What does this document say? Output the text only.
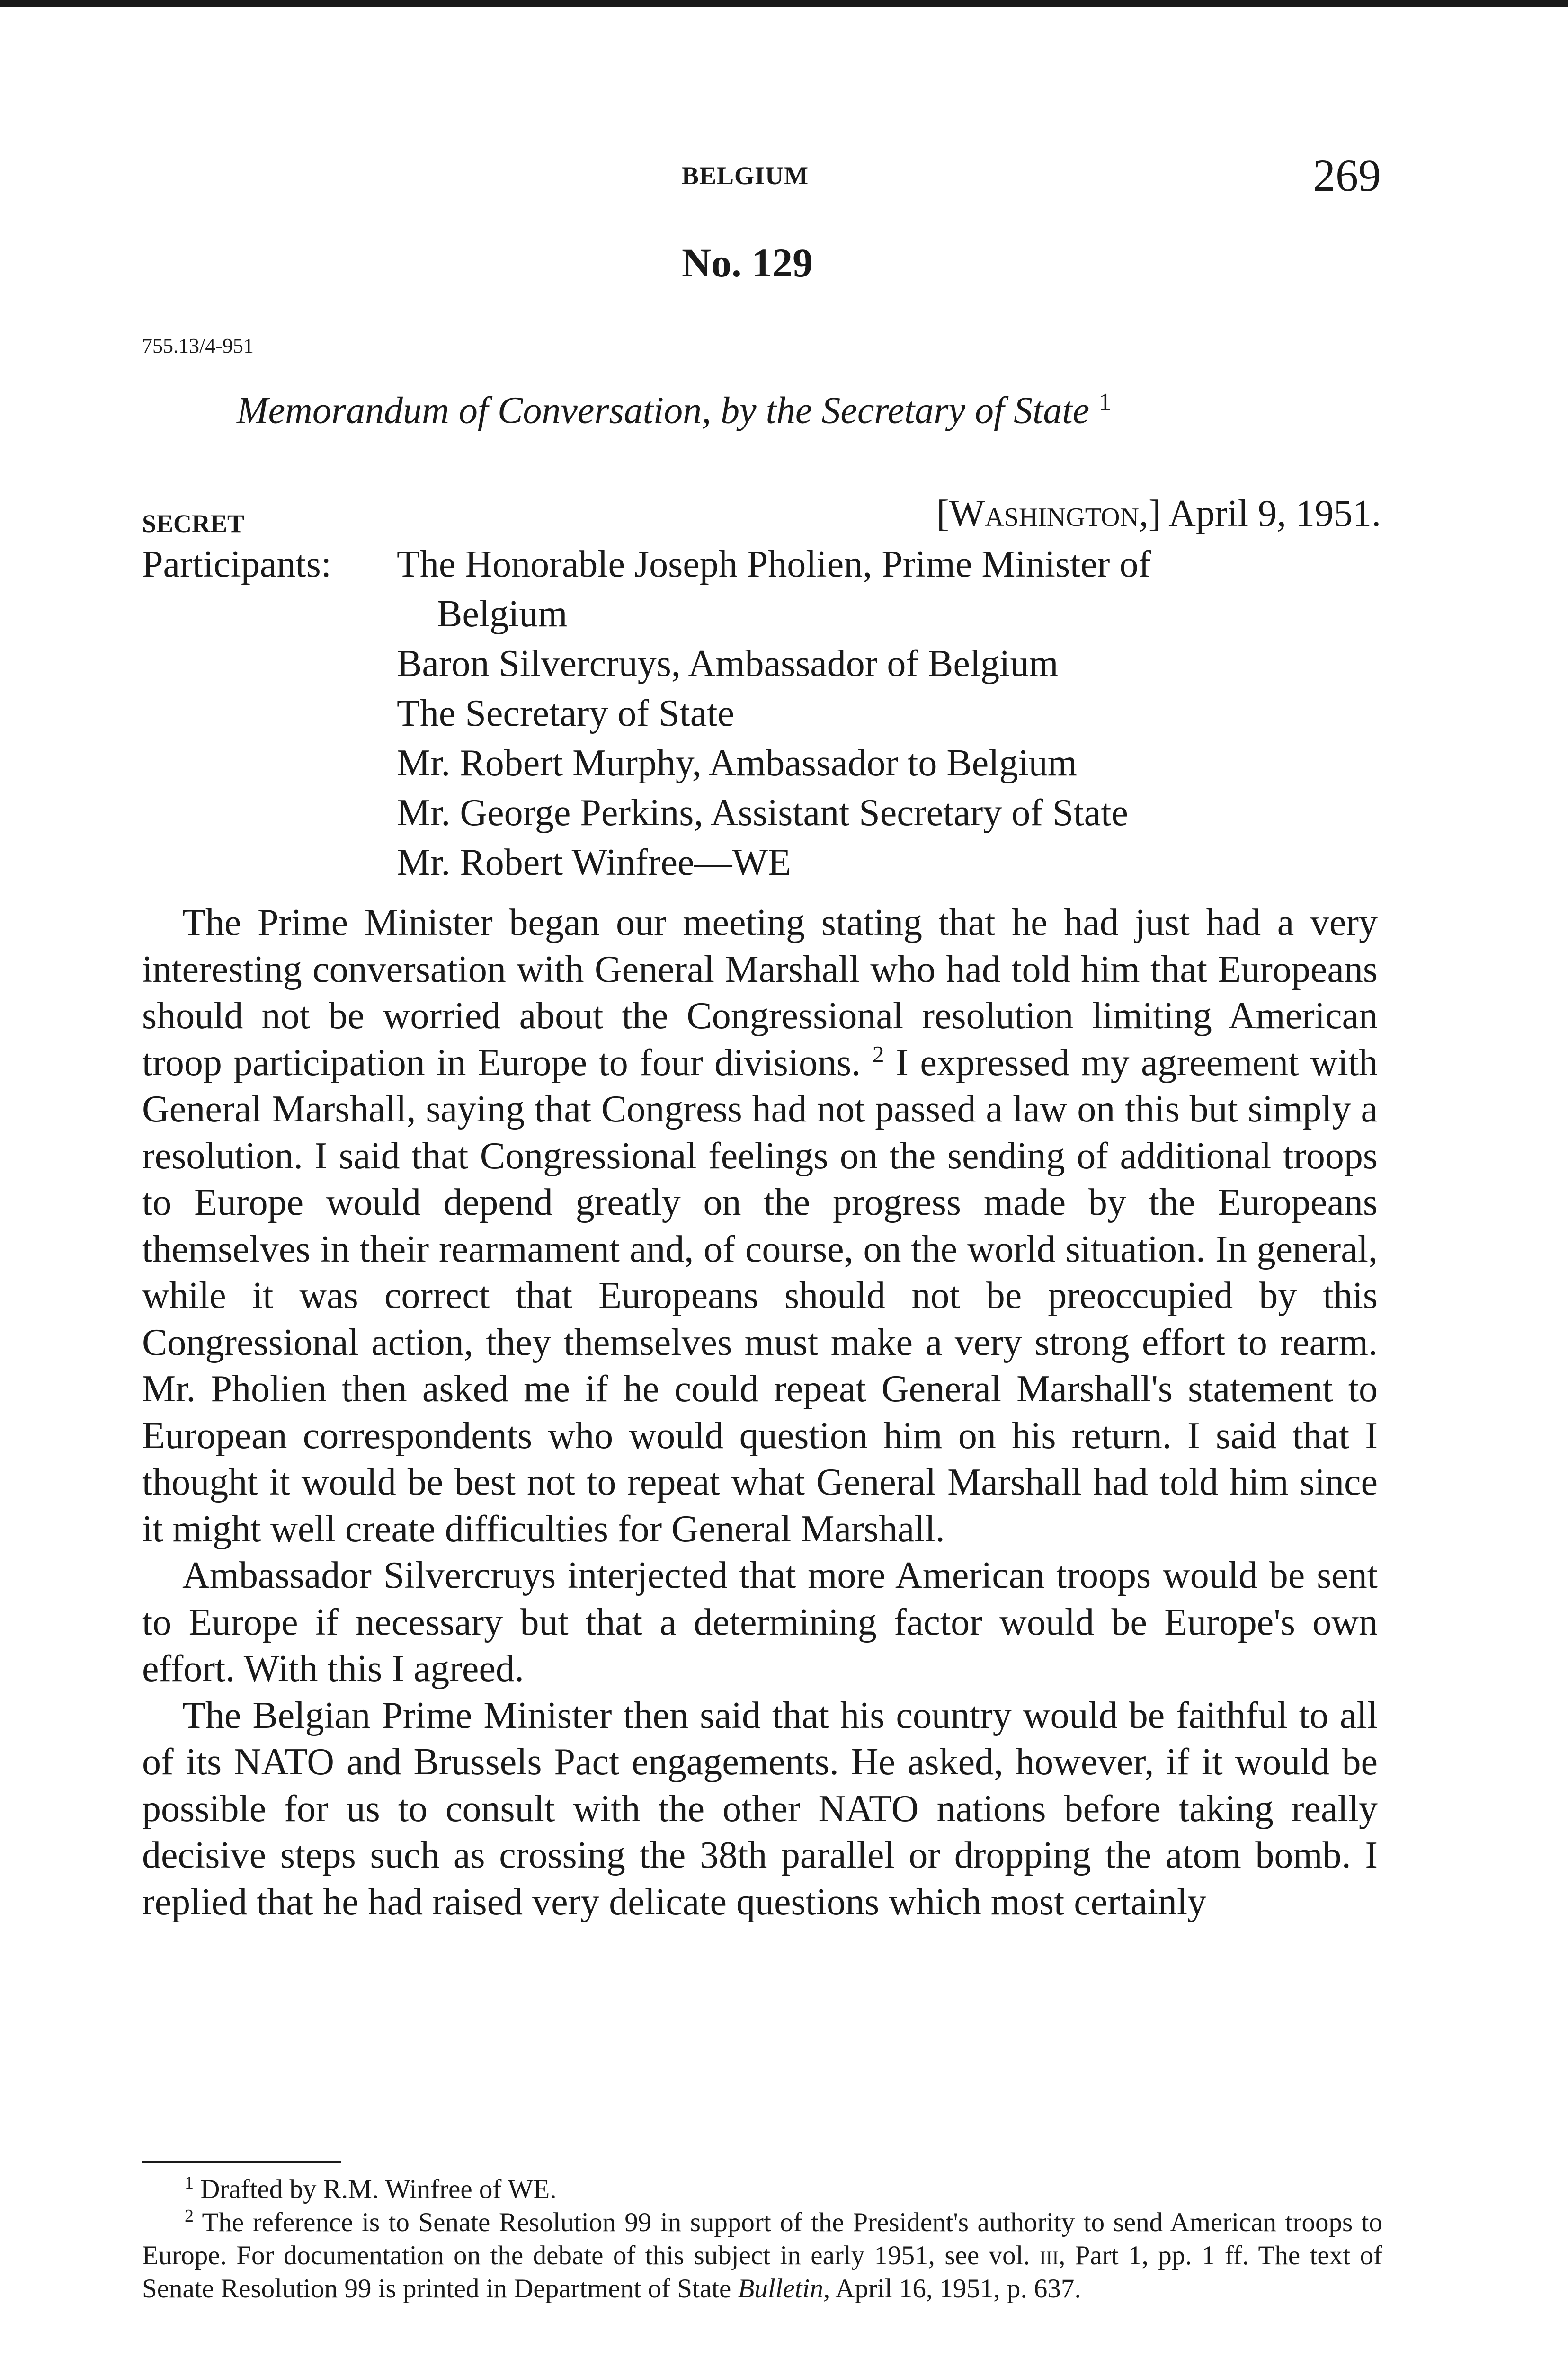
BELGIUM	269
No. 129
755.13/4-951
Memorandum of Conversation, by the Secretary of State $^1$
SECRET	[Washington,] April 9, 1951.
Participants: The Honorable Joseph Pholien, Prime Minister of
Belgium
Baron Silvercruys, Ambassador of Belgium
The Secretary of State
Mr. Robert Murphy, Ambassador to Belgium
Mr. George Perkins, Assistant Secretary of State
Mr. Robert Winfree—WE

The Prime Minister began our meeting stating that he had just had a very interesting conversation with General Marshall who had told him that Europeans should not be worried about the Congressional resolution limiting American troop participation in Europe to four divisions. $^2$ I expressed my agreement with General Marshall, saying that Congress had not passed a law on this but simply a resolution. I said that Congressional feelings on the sending of additional troops to Europe would depend greatly on the progress made by the Europeans themselves in their rearmament and, of course, on the world situation. In general, while it was correct that Europeans should not be preoccupied by this Congressional action, they themselves must make a very strong effort to rearm. Mr. Pholien then asked me if he could repeat General Marshall's statement to European correspondents who would question him on his return. I said that I thought it would be best not to repeat what General Marshall had told him since it might well create difficulties for General Marshall.

Ambassador Silvercruys interjected that more American troops would be sent to Europe if necessary but that a determining factor would be Europe's own effort. With this I agreed.

The Belgian Prime Minister then said that his country would be faithful to all of its NATO and Brussels Pact engagements. He asked, however, if it would be possible for us to consult with the other NATO nations before taking really decisive steps such as crossing the 38th parallel or dropping the atom bomb. I replied that he had raised very delicate questions which most certainly

$^1$ Drafted by R.M. Winfree of WE.

$^2$ The reference is to Senate Resolution 99 in support of the President's authority to send American troops to Europe. For documentation on the debate of this subject in early 1951, see vol. iii, Part 1, pp. 1 ff. The text of Senate Resolution 99 is printed in Department of State Bulletin, April 16, 1951, p. 637.
